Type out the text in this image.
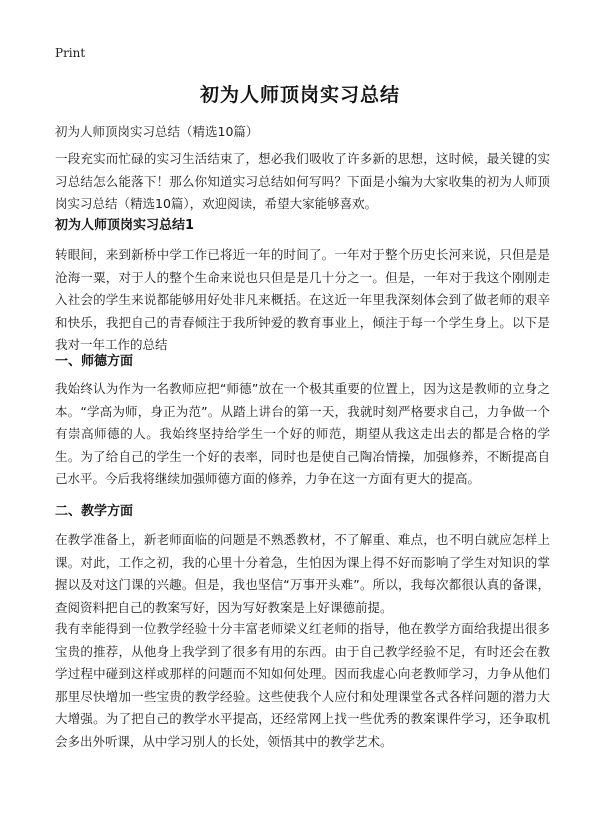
Print
初为人师顶岗实习总结
初为人师顶岗实习总结（精选10篇）

一段充实而忙碌的实习生活结束了，想必我们吸收了许多新的思想，这时候，最关键的实习总结怎么能落下！那么你知道实习总结如何写吗？下面是小编为大家收集的初为人师顶岗实习总结（精选10篇），欢迎阅读，希望大家能够喜欢。

初为人师顶岗实习总结1

转眼间，来到新桥中学工作已将近一年的时间了。一年对于整个历史长河来说，只但是是沧海一粟，对于人的整个生命来说也只但是是几十分之一。但是，一年对于我这个刚刚走入社会的学生来说都能够用好处非凡来概括。在这近一年里我深刻体会到了做老师的艰辛和快乐，我把自己的青春倾注于我所钟爱的教育事业上，倾注于每一个学生身上。以下是我对一年工作的总结

一、师德方面

我始终认为作为一名教师应把“师德”放在一个极其重要的位置上，因为这是教师的立身之本。“学高为师，身正为范”。从踏上讲台的第一天，我就时刻严格要求自己，力争做一个有崇高师德的人。我始终坚持给学生一个好的师范，期望从我这走出去的都是合格的学生。为了给自己的学生一个好的表率，同时也是使自己陶冶情操，加强修养，不断提高自己水平。今后我将继续加强师德方面的修养，力争在这一方面有更大的提高。

二、教学方面

在教学准备上，新老师面临的问题是不熟悉教材，不了解重、难点，也不明白就应怎样上课。对此，工作之初，我的心里十分着急，生怕因为课上得不好而影响了学生对知识的掌握以及对这门课的兴趣。但是，我也坚信“万事开头难”。所以，我每次都很认真的备课，查阅资料把自己的教案写好，因为写好教案是上好课德前提。

我有幸能得到一位教学经验十分丰富老师梁义红老师的指导，他在教学方面给我提出很多宝贵的推荐，从他身上我学到了很多有用的东西。由于自己教学经验不足，有时还会在教学过程中碰到这样或那样的问题而不知如何处理。因而我虚心向老教师学习，力争从他们那里尽快增加一些宝贵的教学经验。这些使我个人应付和处理课堂各式各样问题的潜力大大增强。为了把自己的教学水平提高，还经常网上找一些优秀的教案课件学习，还争取机会多出外听课，从中学习别人的长处，领悟其中的教学艺术。
